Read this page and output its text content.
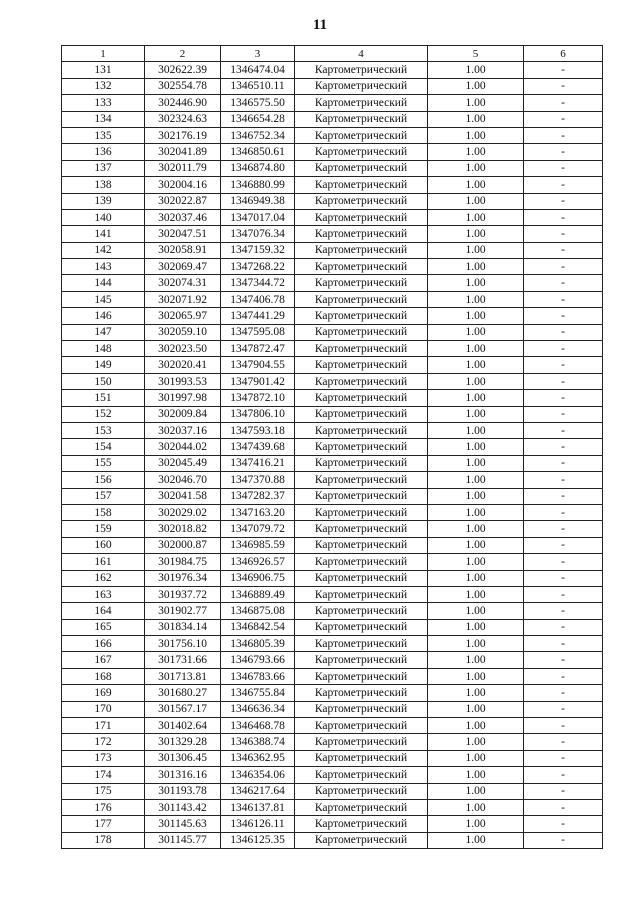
11
1	2	3	4	5	6
131	302622.39	1346474.04	Картометрический	1.00	-
132	302554.78	1346510.11	Картометрический	1.00	-
133	302446.90	1346575.50	Картометрический	1.00	-
134	302324.63	1346654.28	Картометрический	1.00	-
135	302176.19	1346752.34	Картометрический	1.00	-
136	302041.89	1346850.61	Картометрический	1.00	-
137	302011.79	1346874.80	Картометрический	1.00	-
138	302004.16	1346880.99	Картометрический	1.00	-
139	302022.87	1346949.38	Картометрический	1.00	-
140	302037.46	1347017.04	Картометрический	1.00	-
141	302047.51	1347076.34	Картометрический	1.00	-
142	302058.91	1347159.32	Картометрический	1.00	-
143	302069.47	1347268.22	Картометрический	1.00	-
144	302074.31	1347344.72	Картометрический	1.00	-
145	302071.92	1347406.78	Картометрический	1.00	-
146	302065.97	1347441.29	Картометрический	1.00	-
147	302059.10	1347595.08	Картометрический	1.00	-
148	302023.50	1347872.47	Картометрический	1.00	-
149	302020.41	1347904.55	Картометрический	1.00	-
150	301993.53	1347901.42	Картометрический	1.00	-
151	301997.98	1347872.10	Картометрический	1.00	-
152	302009.84	1347806.10	Картометрический	1.00	-
153	302037.16	1347593.18	Картометрический	1.00	-
154	302044.02	1347439.68	Картометрический	1.00	-
155	302045.49	1347416.21	Картометрический	1.00	-
156	302046.70	1347370.88	Картометрический	1.00	-
157	302041.58	1347282.37	Картометрический	1.00	-
158	302029.02	1347163.20	Картометрический	1.00	-
159	302018.82	1347079.72	Картометрический	1.00	-
160	302000.87	1346985.59	Картометрический	1.00	-
161	301984.75	1346926.57	Картометрический	1.00	-
162	301976.34	1346906.75	Картометрический	1.00	-
163	301937.72	1346889.49	Картометрический	1.00	-
164	301902.77	1346875.08	Картометрический	1.00	-
165	301834.14	1346842.54	Картометрический	1.00	-
166	301756.10	1346805.39	Картометрический	1.00	-
167	301731.66	1346793.66	Картометрический	1.00	-
168	301713.81	1346783.66	Картометрический	1.00	-
169	301680.27	1346755.84	Картометрический	1.00	-
170	301567.17	1346636.34	Картометрический	1.00	-
171	301402.64	1346468.78	Картометрический	1.00	-
172	301329.28	1346388.74	Картометрический	1.00	-
173	301306.45	1346362.95	Картометрический	1.00	-
174	301316.16	1346354.06	Картометрический	1.00	-
175	301193.78	1346217.64	Картометрический	1.00	-
176	301143.42	1346137.81	Картометрический	1.00	-
177	301145.63	1346126.11	Картометрический	1.00	-
178	301145.77	1346125.35	Картометрический	1.00	-
